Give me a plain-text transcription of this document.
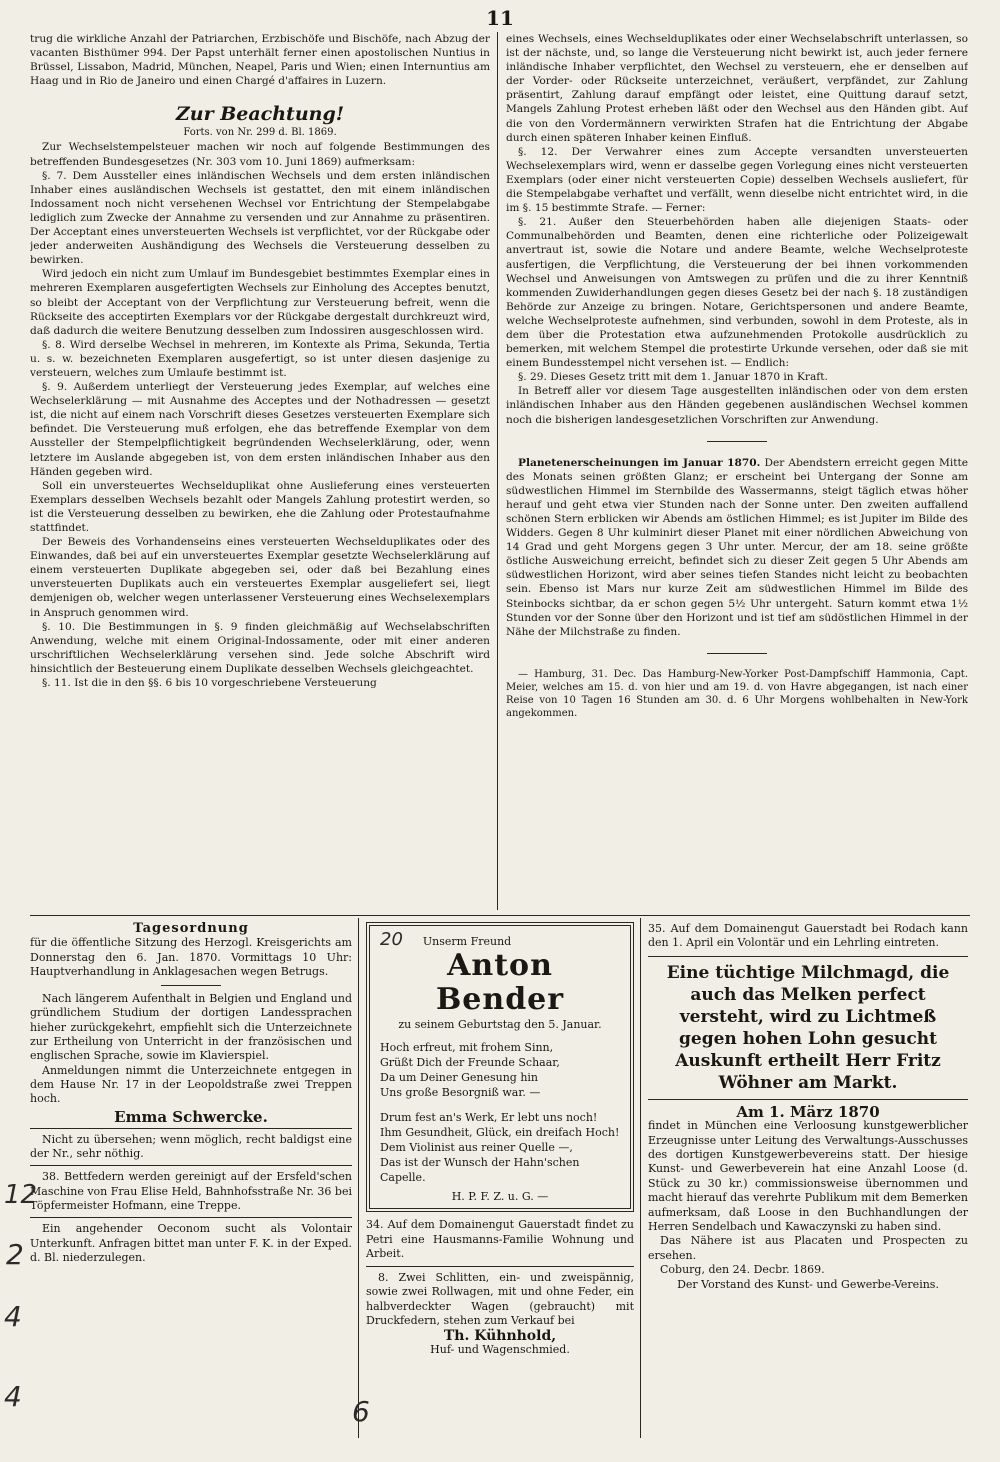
11

trug die wirkliche Anzahl der Patriarchen, Erzbischöfe und Bischöfe, nach Abzug der vacanten Bisthümer 994. Der Papst unterhält ferner einen apostolischen Nuntius in Brüssel, Lissabon, Madrid, München, Neapel, Paris und Wien; einen Internuntius am Haag und in Rio de Janeiro und einen Chargé d'affaires in Luzern.

Zur Beachtung!
Forts. von Nr. 299 d. Bl. 1869.

Zur Wechselstempelsteuer machen wir noch auf folgende Bestimmungen des betreffenden Bundesgesetzes (Nr. 303 vom 10. Juni 1869) aufmerksam:

§. 7. Dem Aussteller eines inländischen Wechsels und dem ersten inländischen Inhaber eines ausländischen Wechsels ist gestattet, den mit einem inländischen Indossament noch nicht versehenen Wechsel vor Entrichtung der Stempelabgabe lediglich zum Zwecke der Annahme zu versenden und zur Annahme zu präsentiren. Der Acceptant eines unversteuerten Wechsels ist verpflichtet, vor der Rückgabe oder jeder anderweiten Aushändigung des Wechsels die Versteuerung desselben zu bewirken.

Wird jedoch ein nicht zum Umlauf im Bundesgebiet bestimmtes Exemplar eines in mehreren Exemplaren ausgefertigten Wechsels zur Einholung des Acceptes benutzt, so bleibt der Acceptant von der Verpflichtung zur Versteuerung befreit, wenn die Rückseite des acceptirten Exemplars vor der Rückgabe dergestalt durchkreuzt wird, daß dadurch die weitere Benutzung desselben zum Indossiren ausgeschlossen wird.

§. 8. Wird derselbe Wechsel in mehreren, im Kontexte als Prima, Sekunda, Tertia u. s. w. bezeichneten Exemplaren ausgefertigt, so ist unter diesen dasjenige zu versteuern, welches zum Umlaufe bestimmt ist.

§. 9. Außerdem unterliegt der Versteuerung jedes Exemplar, auf welches eine Wechselerklärung — mit Ausnahme des Acceptes und der Nothadressen — gesetzt ist, die nicht auf einem nach Vorschrift dieses Gesetzes versteuerten Exemplare sich befindet. Die Versteuerung muß erfolgen, ehe das betreffende Exemplar von dem Aussteller der Stempelpflichtigkeit begründenden Wechselerklärung, oder, wenn letztere im Auslande abgegeben ist, von dem ersten inländischen Inhaber aus den Händen gegeben wird.

Soll ein unversteuertes Wechselduplikat ohne Auslieferung eines versteuerten Exemplars desselben Wechsels bezahlt oder Mangels Zahlung protestirt werden, so ist die Versteuerung desselben zu bewirken, ehe die Zahlung oder Protestaufnahme stattfindet.

Der Beweis des Vorhandenseins eines versteuerten Wechselduplikates oder des Einwandes, daß bei auf ein unversteuertes Exemplar gesetzte Wechselerklärung auf einem versteuerten Duplikate abgegeben sei, oder daß bei Bezahlung eines unversteuerten Duplikats auch ein versteuertes Exemplar ausgeliefert sei, liegt demjenigen ob, welcher wegen unterlassener Versteuerung eines Wechselexemplars in Anspruch genommen wird.

§. 10. Die Bestimmungen in §. 9 finden gleichmäßig auf Wechselabschriften Anwendung, welche mit einem Original-Indossamente, oder mit einer anderen urschriftlichen Wechselerklärung versehen sind. Jede solche Abschrift wird hinsichtlich der Besteuerung einem Duplikate desselben Wechsels gleichgeachtet.

§. 11. Ist die in den §§. 6 bis 10 vorgeschriebene Versteuerung

eines Wechsels, eines Wechselduplikates oder einer Wechselabschrift unterlassen, so ist der nächste, und, so lange die Versteuerung nicht bewirkt ist, auch jeder fernere inländische Inhaber verpflichtet, den Wechsel zu versteuern, ehe er denselben auf der Vorder- oder Rückseite unterzeichnet, veräußert, verpfändet, zur Zahlung präsentirt, Zahlung darauf empfängt oder leistet, eine Quittung darauf setzt, Mangels Zahlung Protest erheben läßt oder den Wechsel aus den Händen gibt. Auf die von den Vordermännern verwirkten Strafen hat die Entrichtung der Abgabe durch einen späteren Inhaber keinen Einfluß.

§. 12. Der Verwahrer eines zum Accepte versandten unversteuerten Wechselexemplars wird, wenn er dasselbe gegen Vorlegung eines nicht versteuerten Exemplars (oder einer nicht versteuerten Copie) desselben Wechsels ausliefert, für die Stempelabgabe verhaftet und verfällt, wenn dieselbe nicht entrichtet wird, in die im §. 15 bestimmte Strafe. — Ferner:

§. 21. Außer den Steuerbehörden haben alle diejenigen Staats- oder Communalbehörden und Beamten, denen eine richterliche oder Polizeigewalt anvertraut ist, sowie die Notare und andere Beamte, welche Wechselproteste ausfertigen, die Verpflichtung, die Versteuerung der bei ihnen vorkommenden Wechsel und Anweisungen von Amtswegen zu prüfen und die zu ihrer Kenntniß kommenden Zuwiderhandlungen gegen dieses Gesetz bei der nach §. 18 zuständigen Behörde zur Anzeige zu bringen. Notare, Gerichtspersonen und andere Beamte, welche Wechselproteste aufnehmen, sind verbunden, sowohl in dem Proteste, als in dem über die Protestation etwa aufzunehmenden Protokolle ausdrücklich zu bemerken, mit welchem Stempel die protestirte Urkunde versehen, oder daß sie mit einem Bundesstempel nicht versehen ist. — Endlich:

§. 29. Dieses Gesetz tritt mit dem 1. Januar 1870 in Kraft.

In Betreff aller vor diesem Tage ausgestellten inländischen oder von dem ersten inländischen Inhaber aus den Händen gegebenen ausländischen Wechsel kommen noch die bisherigen landesgesetzlichen Vorschriften zur Anwendung.

Planetenerscheinungen im Januar 1870. Der Abendstern erreicht gegen Mitte des Monats seinen größten Glanz; er erscheint bei Untergang der Sonne am südwestlichen Himmel im Sternbilde des Wassermanns, steigt täglich etwas höher herauf und geht etwa vier Stunden nach der Sonne unter. Den zweiten auffallend schönen Stern erblicken wir Abends am östlichen Himmel; es ist Jupiter im Bilde des Widders. Gegen 8 Uhr kulminirt dieser Planet mit einer nördlichen Abweichung von 14 Grad und geht Morgens gegen 3 Uhr unter. Mercur, der am 18. seine größte östliche Ausweichung erreicht, befindet sich zu dieser Zeit gegen 5 Uhr Abends am südwestlichen Horizont, wird aber seines tiefen Standes nicht leicht zu beobachten sein. Ebenso ist Mars nur kurze Zeit am südwestlichen Himmel im Bilde des Steinbocks sichtbar, da er schon gegen 5½ Uhr untergeht. Saturn kommt etwa 1½ Stunden vor der Sonne über den Horizont und ist tief am südöstlichen Himmel in der Nähe der Milchstraße zu finden.

— Hamburg, 31. Dec. Das Hamburg-New-Yorker Post-Dampfschiff Hammonia, Capt. Meier, welches am 15. d. von hier und am 19. d. von Havre abgegangen, ist nach einer Reise von 10 Tagen 16 Stunden am 30. d. 6 Uhr Morgens wohlbehalten in New-York angekommen.

Tagesordnung

für die öffentliche Sitzung des Herzogl. Kreisgerichts am Donnerstag den 6. Jan. 1870. Vormittags 10 Uhr: Hauptverhandlung in Anklagesachen wegen Betrugs.

Nach längerem Aufenthalt in Belgien und England und gründlichem Studium der dortigen Landessprachen hieher zurückgekehrt, empfiehlt sich die Unterzeichnete zur Ertheilung von Unterricht in der französischen und englischen Sprache, sowie im Klavierspiel.

Anmeldungen nimmt die Unterzeichnete entgegen in dem Hause Nr. 17 in der Leopoldstraße zwei Treppen hoch.

Emma Schwercke.

Nicht zu übersehen; wenn möglich, recht baldigst eine der Nr., sehr nöthig.

38. Bettfedern werden gereinigt auf der Ersfeld'schen Maschine von Frau Elise Held, Bahnhofsstraße Nr. 36 bei Töpfermeister Hofmann, eine Treppe.

Ein angehender Oeconom sucht als Volontair Unterkunft. Anfragen bittet man unter F. K. in der Exped. d. Bl. niederzulegen.

20 Unserm Freund
Anton Bender
zu seinem Geburtstag den 5. Januar.

Hoch erfreut, mit frohem Sinn,

Grüßt Dich der Freunde Schaar,

Da um Deiner Genesung hin

Uns große Besorgniß war. —

Drum fest an's Werk, Er lebt uns noch!

Ihm Gesundheit, Glück, ein dreifach Hoch!

Dem Violinist aus reiner Quelle —,

Das ist der Wunsch der Hahn'schen Capelle.

H. P. F. Z. u. G. —

34. Auf dem Domainengut Gauerstadt findet zu Petri eine Hausmanns-Familie Wohnung und Arbeit.

8. Zwei Schlitten, ein- und zweispännig, sowie zwei Rollwagen, mit und ohne Feder, ein halbverdeckter Wagen (gebraucht) mit Druckfedern, stehen zum Verkauf bei

Th. Kühnhold,
Huf- und Wagenschmied.

35. Auf dem Domainengut Gauerstadt bei Rodach kann den 1. April ein Volontär und ein Lehrling eintreten.

Eine tüchtige Milchmagd, die auch das Melken perfect versteht, wird zu Lichtmeß gegen hohen Lohn gesucht Auskunft ertheilt Herr Fritz Wöhner am Markt.
Am 1. März 1870

findet in München eine Verloosung kunstgewerblicher Erzeugnisse unter Leitung des Verwaltungs-Ausschusses des dortigen Kunstgewerbevereins statt. Der hiesige Kunst- und Gewerbeverein hat eine Anzahl Loose (d. Stück zu 30 kr.) commissionsweise übernommen und macht hierauf das verehrte Publikum mit dem Bemerken aufmerksam, daß Loose in den Buchhandlungen der Herren Sendelbach und Kawaczynski zu haben sind.

Das Nähere ist aus Placaten und Prospecten zu ersehen.

Coburg, den 24. Decbr. 1869.

Der Vorstand des Kunst- und Gewerbe-Vereins.
12
2
4
4	6
